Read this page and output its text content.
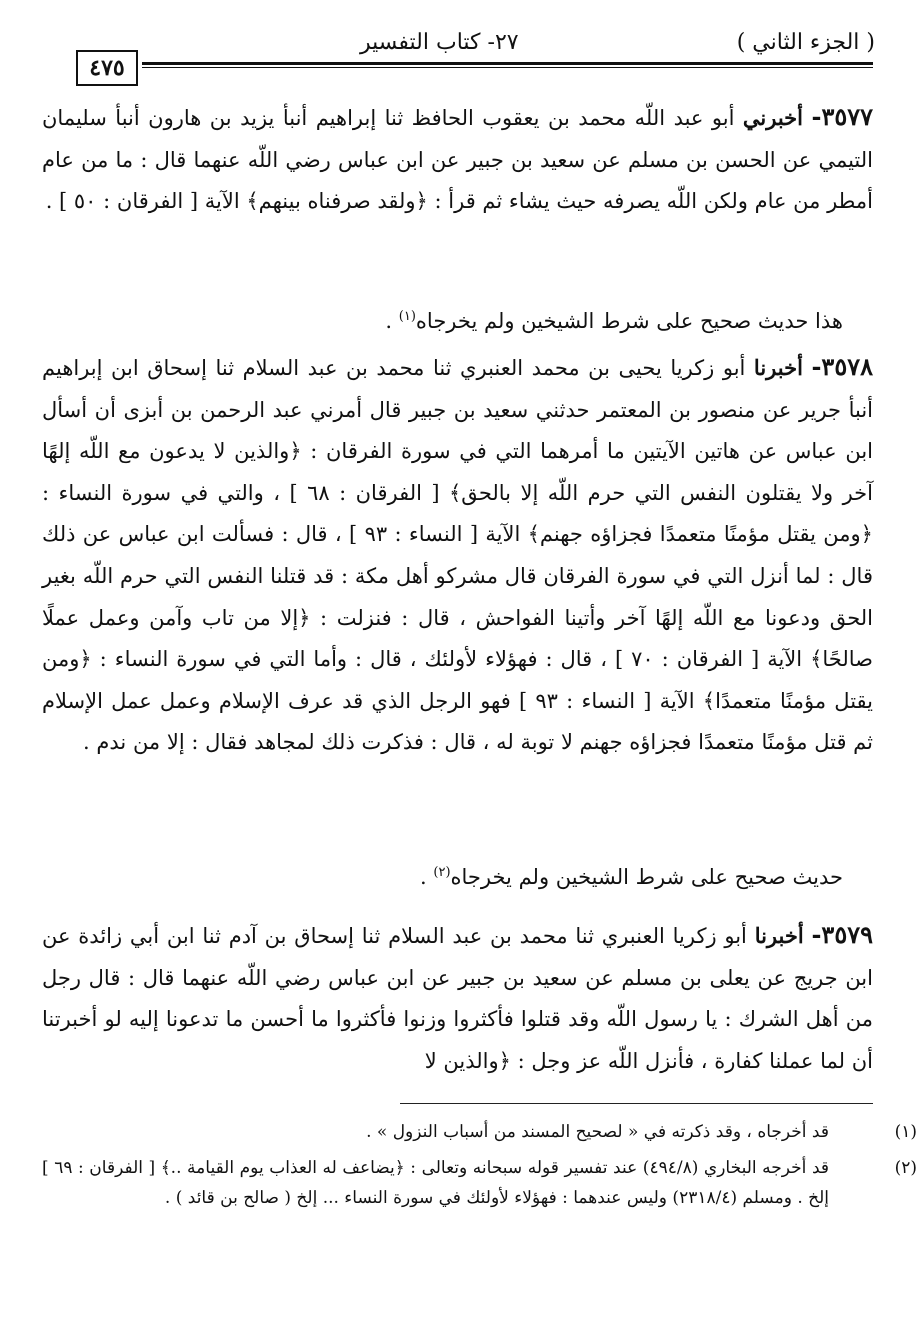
( الجزء الثاني )
٢٧- كتاب التفسير
٤٧٥

٣٥٧٧- أخبرني أبو عبد اللّه محمد بن يعقوب الحافظ ثنا إبراهيم أنبأ يزيد بن هارون أنبأ سليمان التيمي عن الحسن بن مسلم عن سعيد بن جبير عن ابن عباس رضي اللّه عنهما قال : ما من عام أمطر من عام ولكن اللّه يصرفه حيث يشاء ثم قرأ : ﴿ولقد صرفناه بينهم﴾ الآية [ الفرقان : ٥٠ ] .

هذا حديث صحيح على شرط الشيخين ولم يخرجاه$^{(١)}$ .

٣٥٧٨- أخبرنا أبو زكريا يحيى بن محمد العنبري ثنا محمد بن عبد السلام ثنا إسحاق ابن إبراهيم أنبأ جرير عن منصور بن المعتمر حدثني سعيد بن جبير قال أمرني عبد الرحمن بن أبزى أن أسأل ابن عباس عن هاتين الآيتين ما أمرهما التي في سورة الفرقان : ﴿والذين لا يدعون مع اللّه إلهًا آخر ولا يقتلون النفس التي حرم اللّه إلا بالحق﴾ [ الفرقان : ٦٨ ] ، والتي في سورة النساء : ﴿ومن يقتل مؤمنًا متعمدًا فجزاؤه جهنم﴾ الآية [ النساء : ٩٣ ] ، قال : فسألت ابن عباس عن ذلك قال : لما أنزل التي في سورة الفرقان قال مشركو أهل مكة : قد قتلنا النفس التي حرم اللّه بغير الحق ودعونا مع اللّه إلهًا آخر وأتينا الفواحش ، قال : فنزلت : ﴿إلا من تاب وآمن وعمل عملًا صالحًا﴾ الآية [ الفرقان : ٧٠ ] ، قال : فهؤلاء لأولئك ، قال : وأما التي في سورة النساء : ﴿ومن يقتل مؤمنًا متعمدًا﴾ الآية [ النساء : ٩٣ ] فهو الرجل الذي قد عرف الإسلام وعمل عمل الإسلام ثم قتل مؤمنًا متعمدًا فجزاؤه جهنم لا توبة له ، قال : فذكرت ذلك لمجاهد فقال : إلا من ندم .

حديث صحيح على شرط الشيخين ولم يخرجاه$^{(٢)}$ .

٣٥٧٩- أخبرنا أبو زكريا العنبري ثنا محمد بن عبد السلام ثنا إسحاق بن آدم ثنا ابن أبي زائدة عن ابن جريج عن يعلى بن مسلم عن سعيد بن جبير عن ابن عباس رضي اللّه عنهما قال : قال رجل من أهل الشرك : يا رسول اللّه وقد قتلوا فأكثروا وزنوا فأكثروا ما أحسن ما تدعونا إليه لو أخبرتنا أن لما عملنا كفارة ، فأنزل اللّه عز وجل : ﴿والذين لا

(١)قد أخرجاه ، وقد ذكرته في « لصحيح المسند من أسباب النزول » .
(٢)قد أخرجه البخاري (٤٩٤/٨) عند تفسير قوله سبحانه وتعالى : ﴿يضاعف له العذاب يوم القيامة ..﴾ [ الفرقان : ٦٩ ] إلخ . ومسلم (٢٣١٨/٤) وليس عندهما : فهؤلاء لأولئك في سورة النساء ... إلخ ( صالح بن قائد ) .
